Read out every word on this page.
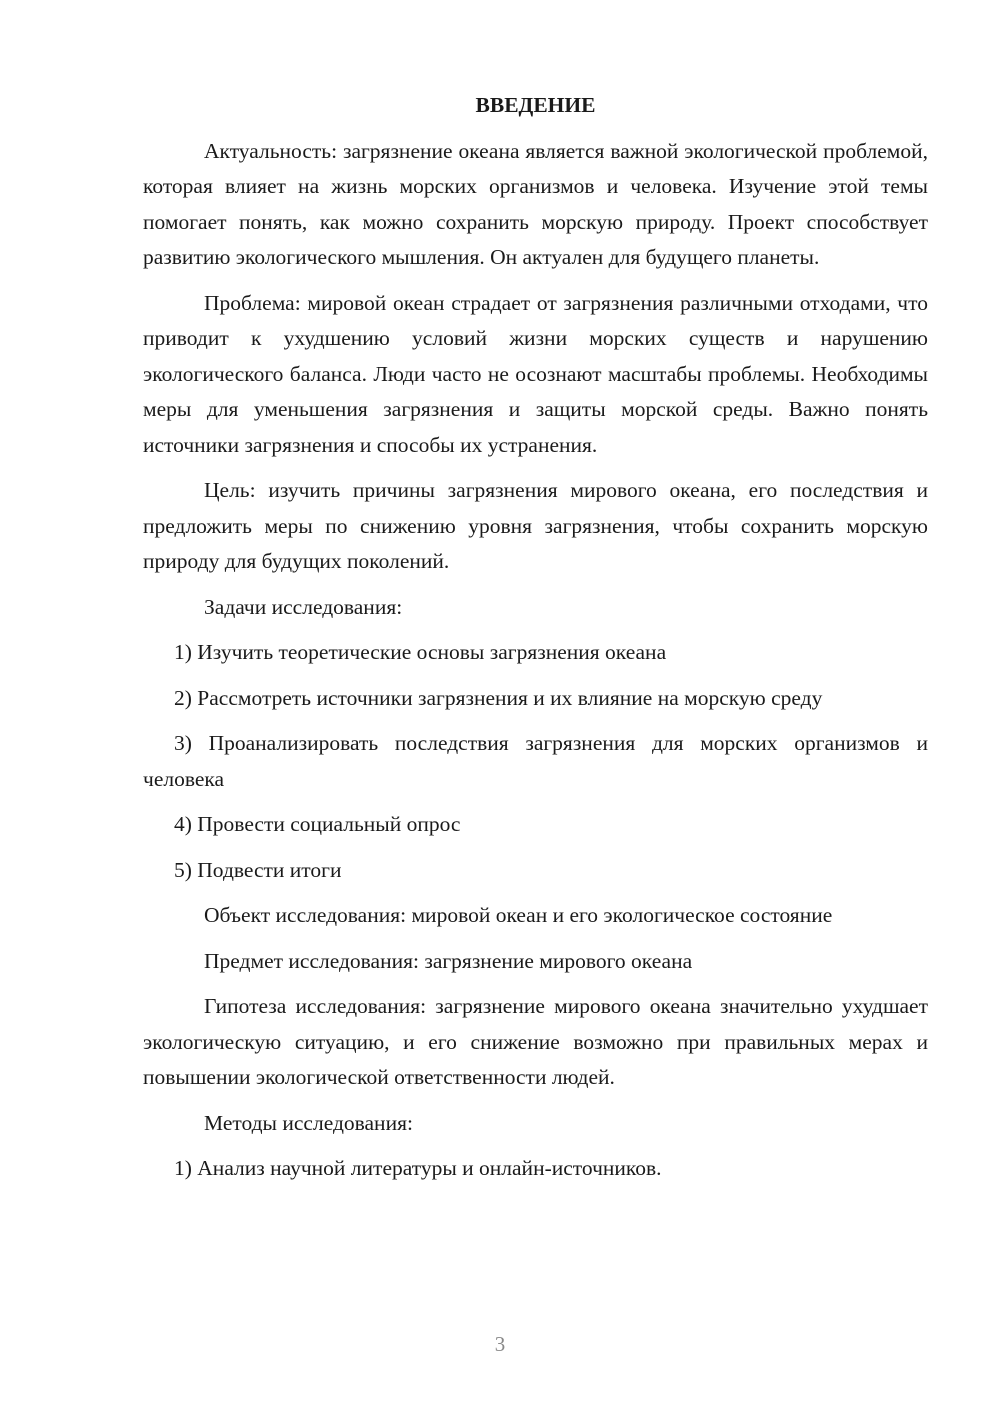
ВВЕДЕНИЕ

Актуальность: загрязнение океана является важной экологической проблемой, которая влияет на жизнь морских организмов и человека. Изучение этой темы помогает понять, как можно сохранить морскую природу. Проект способствует развитию экологического мышления. Он актуален для будущего планеты.

Проблема: мировой океан страдает от загрязнения различными отходами, что приводит к ухудшению условий жизни морских существ и нарушению экологического баланса. Люди часто не осознают масштабы проблемы. Необходимы меры для уменьшения загрязнения и защиты морской среды. Важно понять источники загрязнения и способы их устранения.

Цель: изучить причины загрязнения мирового океана, его последствия и предложить меры по снижению уровня загрязнения, чтобы сохранить морскую природу для будущих поколений.

Задачи исследования:

1) Изучить теоретические основы загрязнения океана

2) Рассмотреть источники загрязнения и их влияние на морскую среду

3) Проанализировать последствия загрязнения для морских организмов и человека

4) Провести социальный опрос

5) Подвести итоги

Объект исследования: мировой океан и его экологическое состояние

Предмет исследования: загрязнение мирового океана

Гипотеза исследования: загрязнение мирового океана значительно ухудшает экологическую ситуацию, и его снижение возможно при правильных мерах и повышении экологической ответственности людей.

Методы исследования:

1) Анализ научной литературы и онлайн-источников.

3
